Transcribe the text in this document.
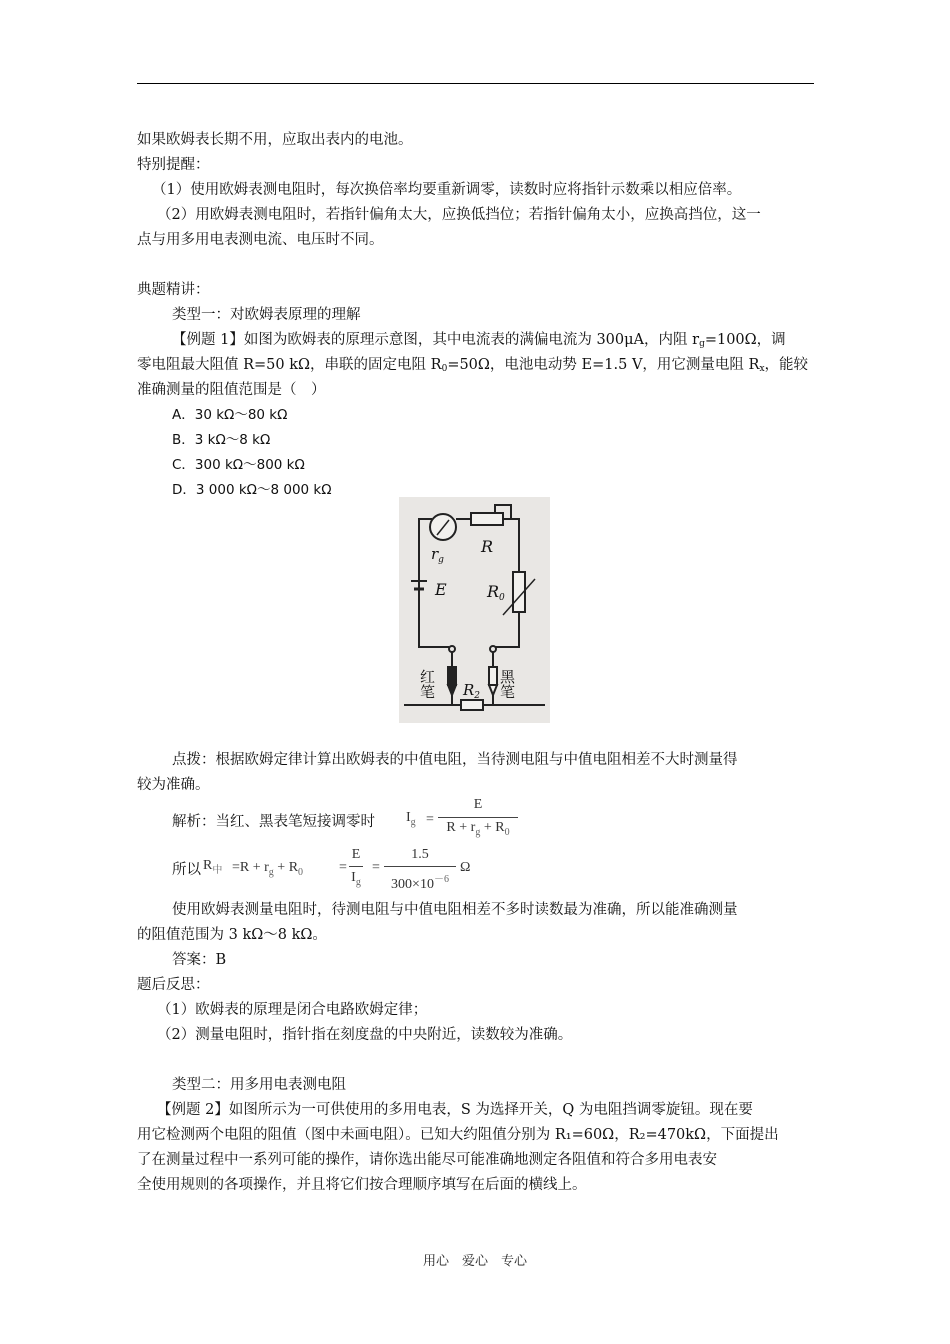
如果欧姆表长期不用，应取出表内的电池。
特别提醒：
（1）使用欧姆表测电阻时，每次换倍率均要重新调零，读数时应将指针示数乘以相应倍率。
（2）用欧姆表测电阻时，若指针偏角太大，应换低挡位；若指针偏角太小，应换高挡位，这一
点与用多用电表测电流、电压时不同。
典题精讲：
类型一：对欧姆表原理的理解
【例题 1】如图为欧姆表的原理示意图，其中电流表的满偏电流为 300μA，内阻 $r_g=100\Omega$，调
零电阻最大阻值 R=50 kΩ，串联的固定电阻 $R_0=50\Omega$，电池电动势 E=1.5 V，用它测量电阻 $R_x$，能较
准确测量的阻值范围是（　）
A．30 kΩ～80 kΩ
B．3 kΩ～8 kΩ
C．300 kΩ～800 kΩ
D．3 000 kΩ～8 000 kΩ
$r_g$
R
E	R0
$R_2$
红笔	黑笔
点拨：根据欧姆定律计算出欧姆表的中值电阻，当待测电阻与中值电阻相差不大时测量得
较为准确。
解析：当红、黑表笔短接调零时 $I_g$ =
E
$R + r_g + R_0$
所以 $R_中 =R + r_g + R_0$	=
E
$I_g$
=
1.5
$300\times 10^{-6}$
Ω
使用欧姆表测量电阻时，待测电阻与中值电阻相差不多时读数最为准确，所以能准确测量
的阻值范围为 3 kΩ～8 kΩ。
答案：B
题后反思：
（1）欧姆表的原理是闭合电路欧姆定律；
（2）测量电阻时，指针指在刻度盘的中央附近，读数较为准确。
类型二：用多用电表测电阻
【例题 2】如图所示为一可供使用的多用电表，S 为选择开关，Q 为电阻挡调零旋钮。现在要
用它检测两个电阻的阻值（图中未画电阻）。已知大约阻值分别为 R₁=60Ω，R₂=470kΩ，下面提出
了在测量过程中一系列可能的操作，请你选出能尽可能准确地测定各阻值和符合多用电表安
全使用规则的各项操作，并且将它们按合理顺序填写在后面的横线上。
用心　爱心　专心
